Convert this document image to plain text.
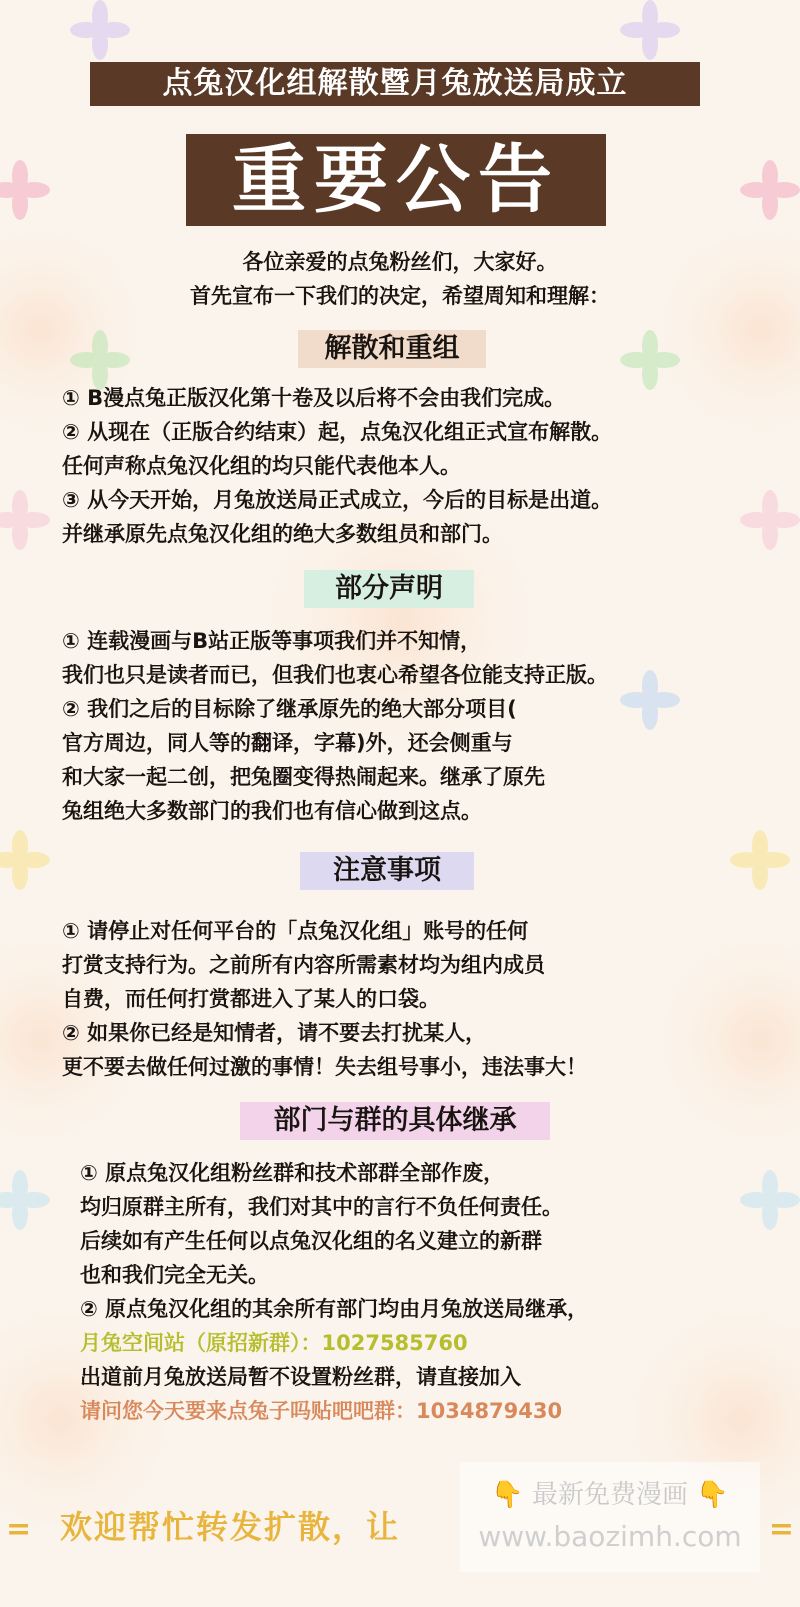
点兔汉化组解散暨月兔放送局成立
重要公告
各位亲爱的点兔粉丝们，大家好。
首先宣布一下我们的决定，希望周知和理解：
解散和重组
① B漫点兔正版汉化第十卷及以后将不会由我们完成。
② 从现在（正版合约结束）起，点兔汉化组正式宣布解散。
任何声称点兔汉化组的均只能代表他本人。
③ 从今天开始，月兔放送局正式成立，今后的目标是出道。
并继承原先点兔汉化组的绝大多数组员和部门。
部分声明
① 连载漫画与B站正版等事项我们并不知情，
我们也只是读者而已，但我们也衷心希望各位能支持正版。
② 我们之后的目标除了继承原先的绝大部分项目(
官方周边，同人等的翻译，字幕)外，还会侧重与
和大家一起二创，把兔圈变得热闹起来。继承了原先
兔组绝大多数部门的我们也有信心做到这点。
注意事项
① 请停止对任何平台的「点兔汉化组」账号的任何
打赏支持行为。之前所有内容所需素材均为组内成员
自费，而任何打赏都进入了某人的口袋。
② 如果你已经是知情者，请不要去打扰某人，
更不要去做任何过激的事情！失去组号事小，违法事大！
部门与群的具体继承
① 原点兔汉化组粉丝群和技术部群全部作废，
均归原群主所有，我们对其中的言行不负任何责任。
后续如有产生任何以点兔汉化组的名义建立的新群
也和我们完全无关。
② 原点兔汉化组的其余所有部门均由月兔放送局继承，
月兔空间站（原招新群）：1027585760
出道前月兔放送局暂不设置粉丝群，请直接加入
请问您今天要来点兔子吗贴吧吧群：1034879430
= 欢迎帮忙转发扩散，让	=
👇 最新免费漫画 👇
www.baozimh.com
